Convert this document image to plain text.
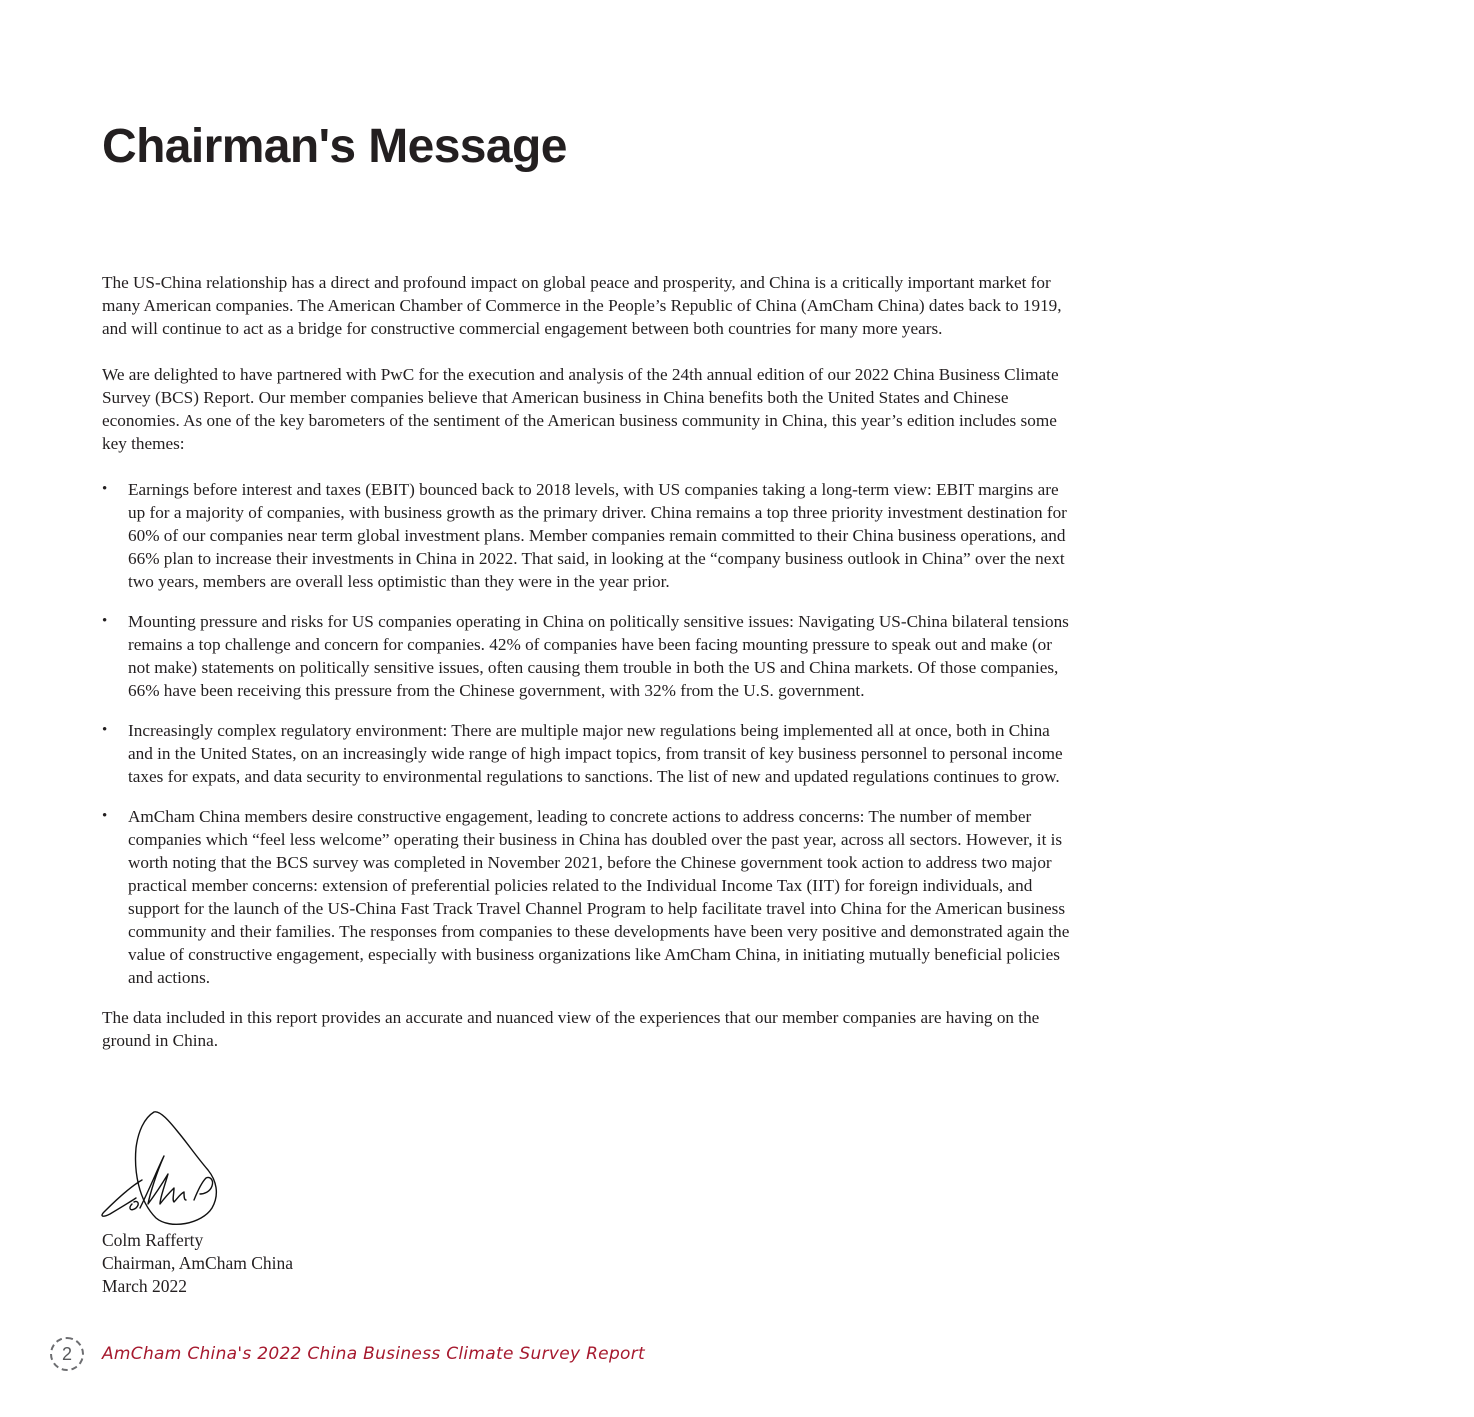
Chairman's Message

The US-China relationship has a direct and profound impact on global peace and prosperity, and China is a critically important market for many American companies. The American Chamber of Commerce in the People’s Republic of China (AmCham China) dates back to 1919, and will continue to act as a bridge for constructive commercial engagement between both countries for many more years.

We are delighted to have partnered with PwC for the execution and analysis of the 24th annual edition of our 2022 China Business Climate Survey (BCS) Report. Our member companies believe that American business in China benefits both the United States and Chinese economies. As one of the key barometers of the sentiment of the American business community in China, this year’s edition includes some key themes:

• Earnings before interest and taxes (EBIT) bounced back to 2018 levels, with US companies taking a long-term view: EBIT margins are up for a majority of companies, with business growth as the primary driver. China remains a top three priority investment destination for 60% of our companies near term global investment plans. Member companies remain committed to their China business operations, and 66% plan to increase their investments in China in 2022. That said, in looking at the “company business outlook in China” over the next two years, members are overall less optimistic than they were in the year prior.
• Mounting pressure and risks for US companies operating in China on politically sensitive issues: Navigating US-China bilateral tensions remains a top challenge and concern for companies. 42% of companies have been facing mounting pressure to speak out and make (or not make) statements on politically sensitive issues, often causing them trouble in both the US and China markets. Of those companies, 66% have been receiving this pressure from the Chinese government, with 32% from the U.S. government.
• Increasingly complex regulatory environment: There are multiple major new regulations being implemented all at once, both in China and in the United States, on an increasingly wide range of high impact topics, from transit of key business personnel to personal income taxes for expats, and data security to environmental regulations to sanctions. The list of new and updated regulations continues to grow.
• AmCham China members desire constructive engagement, leading to concrete actions to address concerns: The number of member companies which “feel less welcome” operating their business in China has doubled over the past year, across all sectors. However, it is worth noting that the BCS survey was completed in November 2021, before the Chinese government took action to address two major practical member concerns: extension of preferential policies related to the Individual Income Tax (IIT) for foreign individuals, and support for the launch of the US-China Fast Track Travel Channel Program to help facilitate travel into China for the American business community and their families. The responses from companies to these developments have been very positive and demonstrated again the value of constructive engagement, especially with business organizations like AmCham China, in initiating mutually beneficial policies and actions.

The data included in this report provides an accurate and nuanced view of the experiences that our member companies are having on the ground in China.

Colm Rafferty
Chairman, AmCham China
March 2022
2	AmCham China's 2022 China Business Climate Survey Report
